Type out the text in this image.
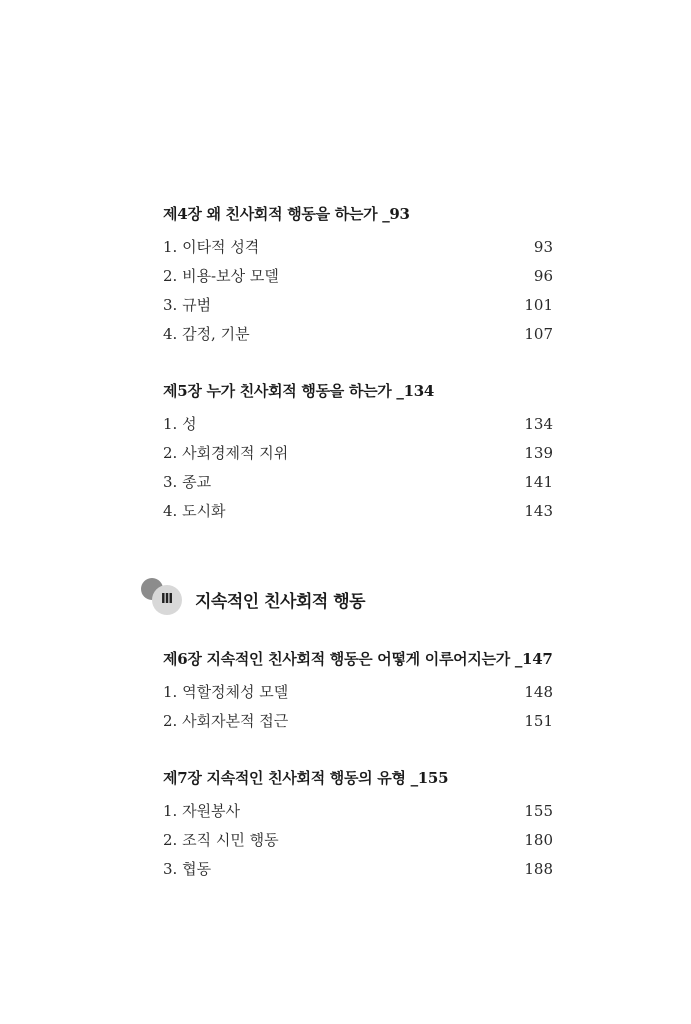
제4장 왜 친사회적 행동을 하는가 _93
1. 이타적 성격	93
2. 비용-보상 모델	96
3. 규범	101
4. 감정, 기분	107
제5장 누가 친사회적 행동을 하는가 _134
1. 성	134
2. 사회경제적 지위	139
3. 종교	141
4. 도시화	143
Ⅲ	지속적인 친사회적 행동
제6장 지속적인 친사회적 행동은 어떻게 이루어지는가 _147
1. 역할정체성 모델	148
2. 사회자본적 접근	151
제7장 지속적인 친사회적 행동의 유형 _155
1. 자원봉사	155
2. 조직 시민 행동	180
3. 협동	188
